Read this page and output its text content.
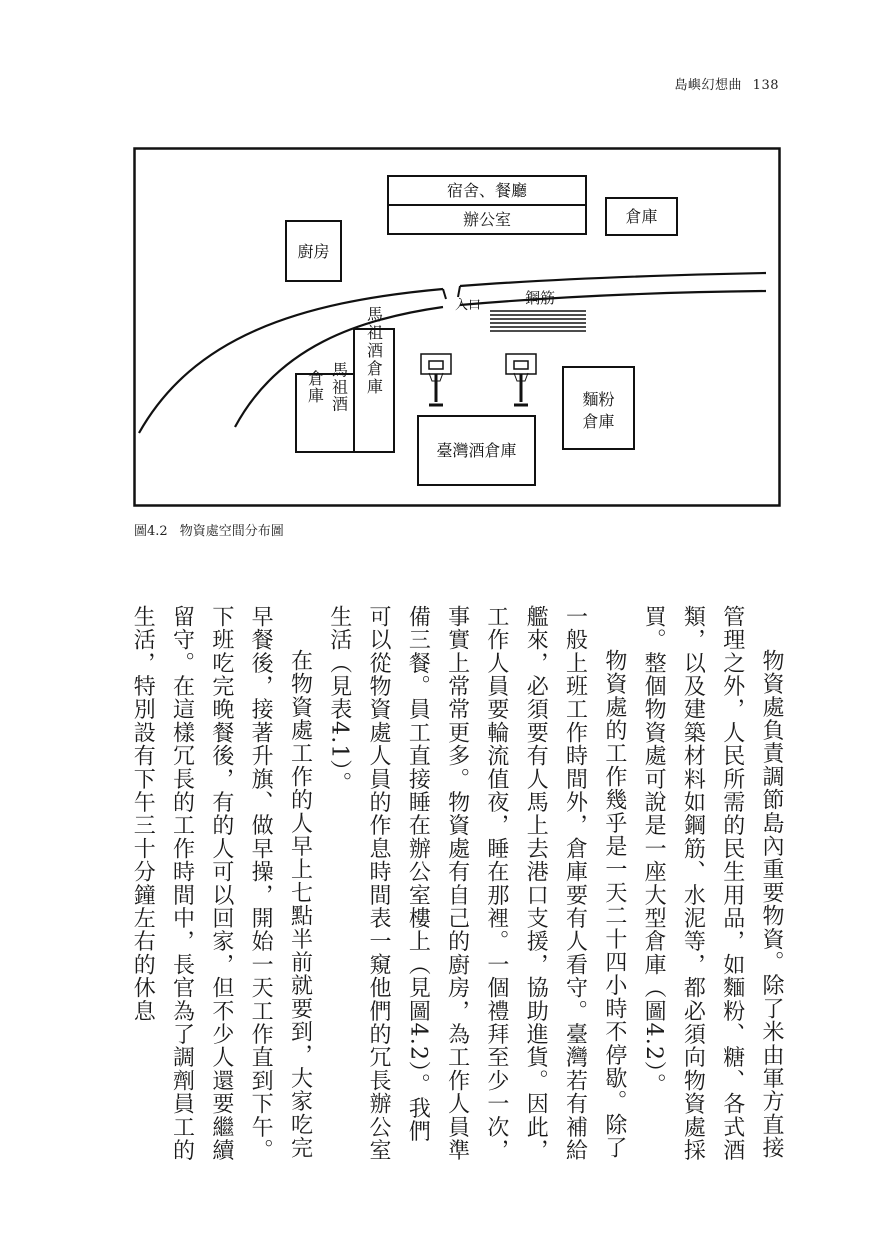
島嶼幻想曲 138
宿舍、餐廳
辦公室	倉庫
廚房
入口	鋼筋
馬祖酒倉庫
馬祖酒
倉庫	麵粉
倉庫
臺灣酒倉庫
圖4.2 物資處空間分布圖

物資處負責調節島內重要物資。除了米由軍方直接管理之外，人民所需的民生用品，如麵粉、糖、各式酒類，以及建築材料如鋼筋、水泥等，都必須向物資處採買。整個物資處可說是一座大型倉庫（圖4.2）。

物資處的工作幾乎是一天二十四小時不停歇。除了一般上班工作時間外，倉庫要有人看守。臺灣若有補給艦來，必須要有人馬上去港口支援，協助進貨。因此，工作人員要輪流值夜，睡在那裡。一個禮拜至少一次，事實上常常更多。物資處有自己的廚房，為工作人員準備三餐。員工直接睡在辦公室樓上（見圖4.2）。我們可以從物資處人員的作息時間表一窺他們的冗長辦公室生活（見表4.1）。

在物資處工作的人早上七點半前就要到，大家吃完早餐後，接著升旗、做早操，開始一天工作直到下午。下班吃完晚餐後，有的人可以回家，但不少人還要繼續留守。在這樣冗長的工作時間中，長官為了調劑員工的生活，特別設有下午三十分鐘左右的休息
